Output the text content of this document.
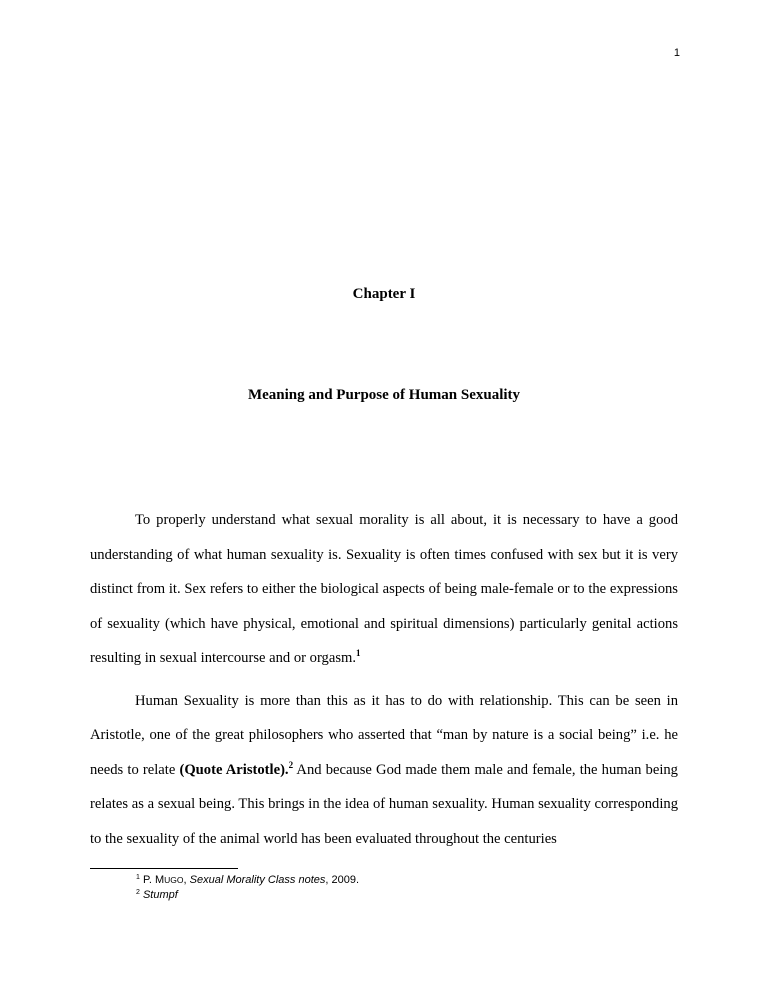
1
Chapter I
Meaning and Purpose of Human Sexuality

To properly understand what sexual morality is all about, it is necessary to have a good understanding of what human sexuality is. Sexuality is often times confused with sex but it is very distinct from it. Sex refers to either the biological aspects of being male-female or to the expressions of sexuality (which have physical, emotional and spiritual dimensions) particularly genital actions resulting in sexual intercourse and or orgasm.$^1$

Human Sexuality is more than this as it has to do with relationship. This can be seen in Aristotle, one of the great philosophers who asserted that “man by nature is a social being” i.e. he needs to relate (Quote Aristotle).$^2$ And because God made them male and female, the human being relates as a sexual being. This brings in the idea of human sexuality. Human sexuality corresponding to the sexuality of the animal world has been evaluated throughout the centuries

$^1$ P. MUGO, Sexual Morality Class notes, 2009.
$^2$ Stumpf
